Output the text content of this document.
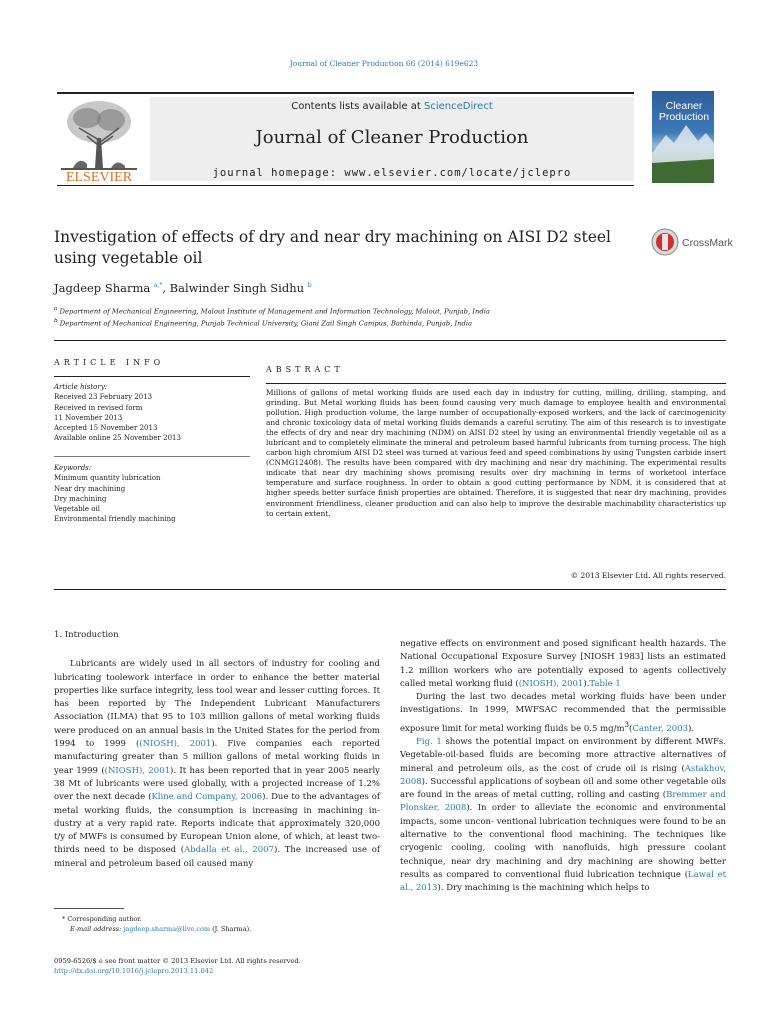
Journal of Cleaner Production 66 (2014) 619e623
ELSEVIER
Contents lists available at ScienceDirect
Journal of Cleaner Production
journal homepage: www.elsevier.com/locate/jclepro
Cleaner Production
Investigation of effects of dry and near dry machining on AISI D2 steel using vegetable oil
CrossMark
Jagdeep Sharma $^{a,*}$, Balwinder Singh Sidhu $^b$
$^a$ Department of Mechanical Engineering, Malout Institute of Management and Information Technology, Malout, Punjab, India
$^b$ Department of Mechanical Engineering, Punjab Technical University, Giani Zail Singh Campus, Bathinda, Punjab, India
ARTICLE INFO
ABSTRACT
Article history:
Received 23 February 2013
Received in revised form
11 November 2013
Accepted 15 November 2013
Available online 25 November 2013
Keywords:
Minimum quantity lubrication
Near dry machining
Dry machining
Vegetable oil
Environmental friendly machining
Millions of gallons of metal working fluids are used each day in industry for cutting, milling, drilling, stamping, and grinding. But Metal working fluids has been found causing very much damage to employee health and environmental pollution. High production volume, the large number of occupationally-exposed workers, and the lack of carcinogenicity and chronic toxicology data of metal working fluids demands a careful scrutiny. The aim of this research is to investigate the effects of dry and near dry machining (NDM) on AISI D2 steel by using an environmental friendly vegetable oil as a lubricant and to completely eliminate the mineral and petroleum based harmful lubricants from turning process. The high carbon high chromium AISI D2 steel was turned at various feed and speed combinations by using Tungsten carbide insert (CNMG12408). The results have been compared with dry machining and near dry machining. The experimental results indicate that near dry machining shows promising results over dry machining in terms of workеtool interface temperature and surface roughness. In order to obtain a good cutting performance by NDM, it is considered that at higher speeds better surface finish properties are obtained. Therefore, it is suggested that near dry machining, provides environment friendliness, cleaner production and can also help to improve the desirable machinability characteristics up to certain extent.
© 2013 Elsevier Ltd. All rights reserved.

1. Introduction

Lubricants are widely used in all sectors of industry for cooling and lubricating toolеwork interface in order to enhance the better material properties like surface integrity, less tool wear and lesser cutting forces. It has been reported by The Independent Lubricant Manufacturers Association (ILMA) that 95 to 103 million gallons of metal working fluids were produced on an annual basis in the United States for the period from 1994 to 1999 ((NIOSH), 2001). Five companies each reported manufacturing greater than 5 million gallons of metal working fluids in year 1999 ((NIOSH), 2001). It has been reported that in year 2005 nearly 38 Mt of lubricants were used globally, with a projected increase of 1.2% over the next decade (Kline and Company, 2006). Due to the advantages of metal working fluids, the consumption is increasing in machining in- dustry at a very rapid rate. Reports indicate that approximately 320,000 t/y of MWFs is consumed by European Union alone, of which, at least two-thirds need to be disposed (Abdalla et al., 2007). The increased use of mineral and petroleum based oil caused many

negative effects on environment and posed significant health hazards. The National Occupational Exposure Survey [NIOSH 1983] lists an estimated 1.2 million workers who are potentially exposed to agents collectively called metal working fluid ((NIOSH), 2001).Table 1

During the last two decades metal working fluids have been under investigations. In 1999, MWFSAC recommended that the permissible exposure limit for metal working fluids be 0.5 $mg/m^3(Canter$, 2003).

Fig. 1 shows the potential impact on environment by different MWFs. Vegetable-oil-based fluids are becoming more attractive alternatives of mineral and petroleum oils, as the cost of crude oil is rising (Astakhov, 2008). Successful applications of soybean oil and some other vegetable oils are found in the areas of metal cutting, rolling and casting (Bremmer and Plonsker, 2008). In order to alleviate the economic and environmental impacts, some uncon- ventional lubrication techniques were found to be an alternative to the conventional flood machining. The techniques like cryogenic cooling, cooling with nanofluids, high pressure coolant technique, near dry machining and dry machining are showing better results as compared to conventional fluid lubrication technique (Lawal et al., 2013). Dry machining is the machining which helps to

* Corresponding author.
E-mail address: jagdeep.sharma@live.com (J. Sharma).
0959-6526/$ e see front matter © 2013 Elsevier Ltd. All rights reserved.
http://dx.doi.org/10.1016/j.jclepro.2013.11.042
